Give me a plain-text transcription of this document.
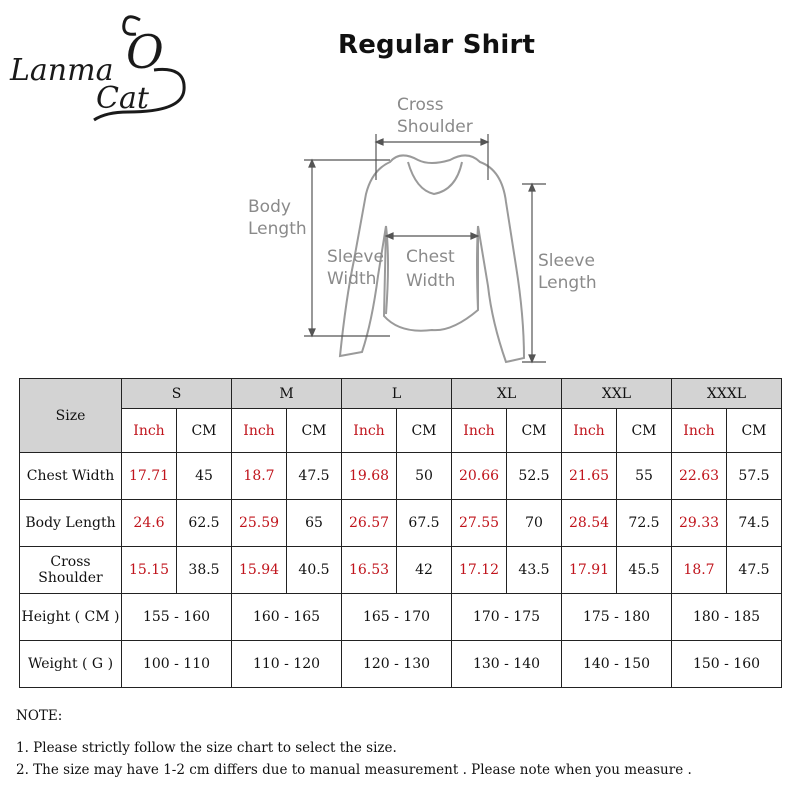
Lanma O
Cat
Regular Shirt
Cross
Shoulder
Body
Length
Sleeve
Width
Chest
Width
Sleeve
Length
Size	S		M		L		XL		XXL		XXXL	
	Inch	CM	Inch	CM	Inch	CM	Inch	CM	Inch	CM	Inch	CM
Chest Width	17.71	45	18.7	47.5	19.68	50	20.66	52.5	21.65	55	22.63	57.5
Body Length	24.6	62.5	25.59	65	26.57	67.5	27.55	70	28.54	72.5	29.33	74.5
Cross Shoulder	15.15	38.5	15.94	40.5	16.53	42	17.12	43.5	17.91	45.5	18.7	47.5
Height ( CM )	155 - 160		160 - 165		165 - 170		170 - 175		175 - 180		180 - 185	
Weight ( G )	100 - 110		110 - 120		120 - 130		130 - 140		140 - 150		150 - 160	
NOTE:
1. Please strictly follow the size chart to select the size.
2. The size may have 1-2 cm differs due to manual measurement . Please note when you measure .
